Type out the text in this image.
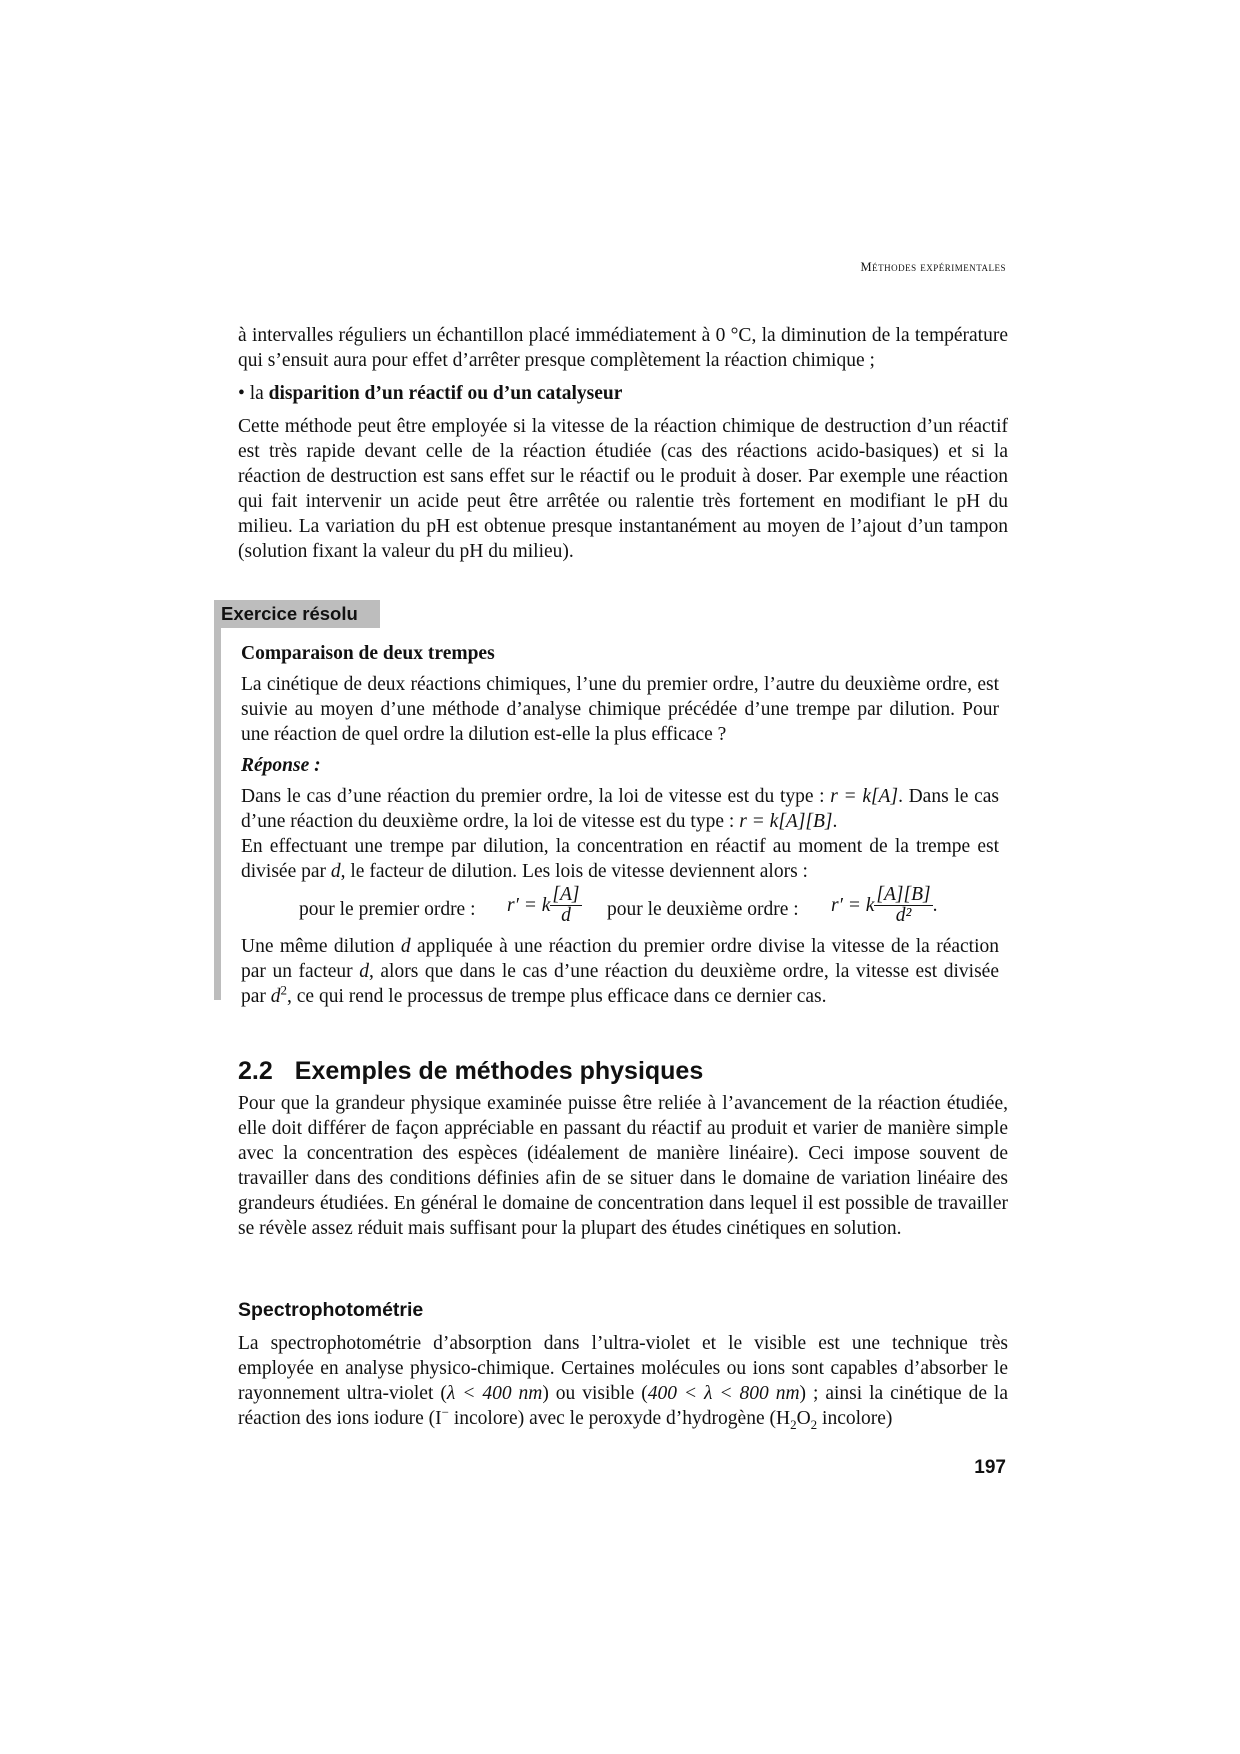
Méthodes expérimentales

à intervalles réguliers un échantillon placé immédiatement à 0 °C, la diminution de la température qui s’ensuit aura pour effet d’arrêter presque complètement la réaction chimique ;

• la disparition d’un réactif ou d’un catalyseur

Cette méthode peut être employée si la vitesse de la réaction chimique de destruction d’un réactif est très rapide devant celle de la réaction étudiée (cas des réactions acido-basiques) et si la réaction de destruction est sans effet sur le réactif ou le produit à doser. Par exemple une réaction qui fait intervenir un acide peut être arrêtée ou ralentie très fortement en modifiant le pH du milieu. La variation du pH est obtenue presque instantanément au moyen de l’ajout d’un tampon (solution fixant la valeur du pH du milieu).

Exercice résolu

Comparaison de deux trempes

La cinétique de deux réactions chimiques, l’une du premier ordre, l’autre du deuxième ordre, est suivie au moyen d’une méthode d’analyse chimique précédée d’une trempe par dilution. Pour une réaction de quel ordre la dilution est-elle la plus efficace ?

Réponse :

Dans le cas d’une réaction du premier ordre, la loi de vitesse est du type : r = k[A]. Dans le cas d’une réaction du deuxième ordre, la loi de vitesse est du type : r = k[A][B].

En effectuant une trempe par dilution, la concentration en réactif au moment de la trempe est divisée par d, le facteur de dilution. Les lois de vitesse deviennent alors :

pour le premier ordre : r′ = k $\frac{[A]}{d}$ pour le deuxième ordre : r′ = k $\frac{[A][B]}{\text{d²}}$ .

Une même dilution d appliquée à une réaction du premier ordre divise la vitesse de la réaction par un facteur d, alors que dans le cas d’une réaction du deuxième ordre, la vitesse est divisée par $d^2$, ce qui rend le processus de trempe plus efficace dans ce dernier cas.

2.2 Exemples de méthodes physiques

Pour que la grandeur physique examinée puisse être reliée à l’avancement de la réaction étudiée, elle doit différer de façon appréciable en passant du réactif au produit et varier de manière simple avec la concentration des espèces (idéalement de manière linéaire). Ceci impose souvent de travailler dans des conditions définies afin de se situer dans le domaine de variation linéaire des grandeurs étudiées. En général le domaine de concentration dans lequel il est possible de travailler se révèle assez réduit mais suffisant pour la plupart des études cinétiques en solution.

Spectrophotométrie

La spectrophotométrie d’absorption dans l’ultra-violet et le visible est une technique très employée en analyse physico-chimique. Certaines molécules ou ions sont capables d’absorber le rayonnement ultra-violet (λ < 400 nm) ou visible (400 < λ < 800 nm) ; ainsi la cinétique de la réaction des ions iodure (I− incolore) avec le peroxyde d’hydrogène ($H_2O_2$ incolore)

197
